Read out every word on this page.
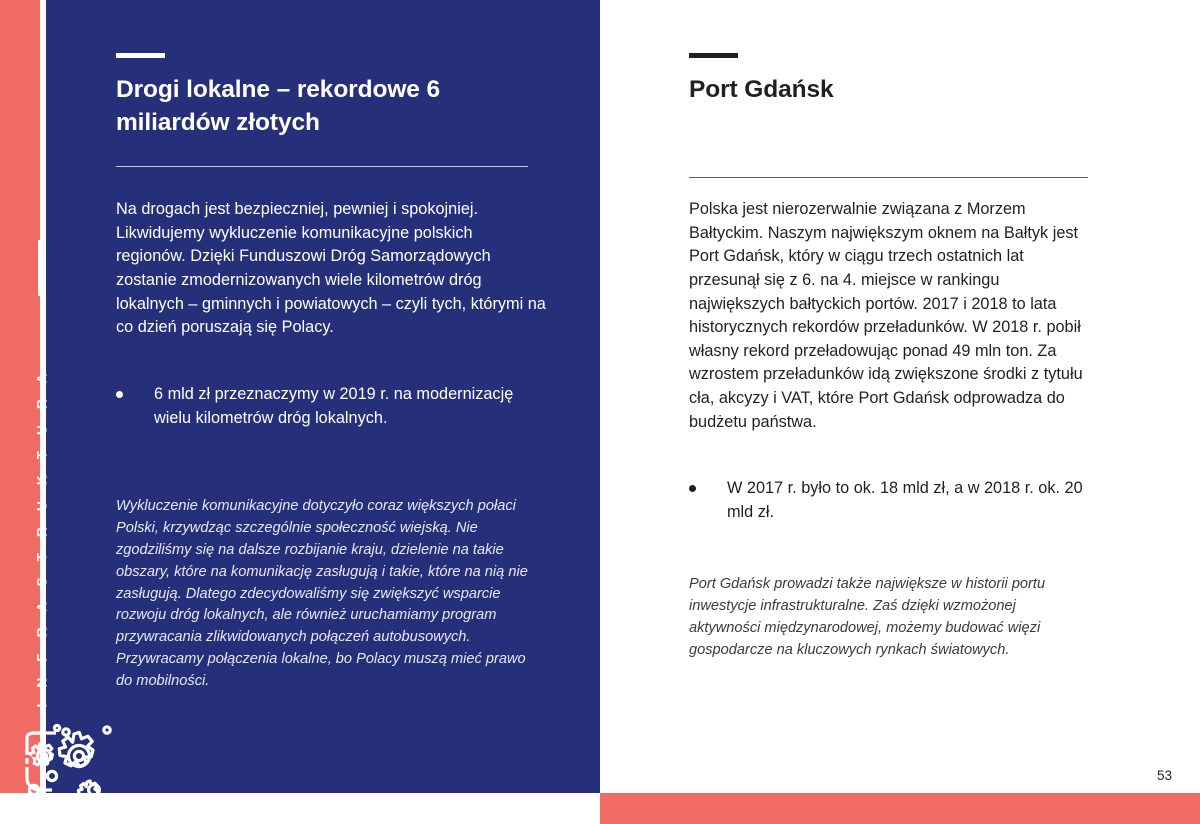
I N F R A S T R U K T U R A
Drogi lokalne – rekordowe 6 miliardów złotych

Na drogach jest bezpieczniej, pewniej i spokojniej. Likwidujemy wykluczenie komunikacyjne polskich regionów. Dzięki Funduszowi Dróg Samorządowych zostanie zmodernizowanych wiele kilometrów dróg lokalnych – gminnych i powiatowych – czyli tych, którymi na co dzień poruszają się Polacy.

6 mld zł przeznaczymy w 2019 r. na modernizację wielu kilometrów dróg lokalnych.

Wykluczenie komunikacyjne dotyczyło coraz większych połaci Polski, krzywdząc szczególnie społeczność wiejską. Nie zgodziliśmy się na dalsze rozbijanie kraju, dzielenie na takie obszary, które na komunikację zasługują i takie, które na nią nie zasługują. Dlatego zdecydowaliśmy się zwiększyć wsparcie rozwoju dróg lokalnych, ale również uruchamiamy program przywracania zlikwidowanych połączeń autobusowych. Przywracamy połączenia lokalne, bo Polacy muszą mieć prawo do mobilności.

Port Gdańsk

Polska jest nierozerwalnie związana z Morzem Bałtyckim. Naszym największym oknem na Bałtyk jest Port Gdańsk, który w ciągu trzech ostatnich lat przesunął się z 6. na 4. miejsce w rankingu największych bałtyckich portów. 2017 i 2018 to lata historycznych rekordów przeładunków. W 2018 r. pobił własny rekord przeładowując ponad 49 mln ton. Za wzrostem przeładunków idą zwiększone środki z tytułu cła, akcyzy i VAT, które Port Gdańsk odprowadza do budżetu państwa.

W 2017 r. było to ok. 18 mld zł, a w 2018 r. ok. 20 mld zł.

Port Gdańsk prowadzi także największe w historii portu inwestycje infrastrukturalne. Zaś dzięki wzmożonej aktywności międzynarodowej, możemy budować więzi gospodarcze na kluczowych rynkach światowych.

53
